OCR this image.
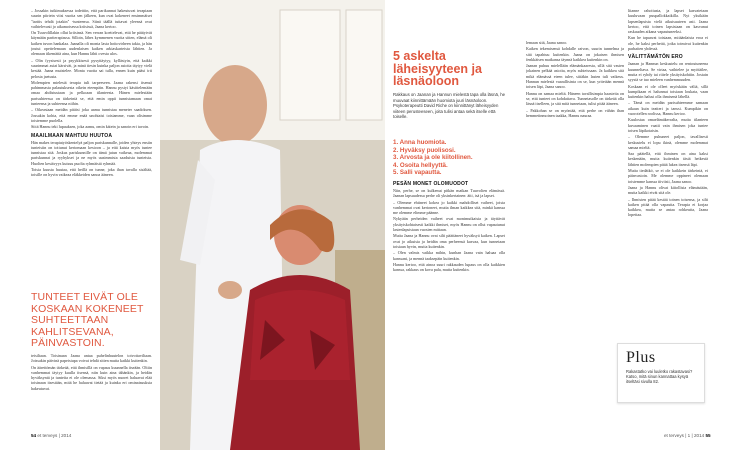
– Jossakin tutkimuksessa todettiin, että parikunnat hakeutuvat terapiaan suurin piirtein viisi vuotta sen jälkeen, kun ovat kokeneet ensimmäiset "tarttis tehdä jotakin" -tunteensa. Siinä täällä tuttavat yleensä ovat vaihtelevasti jo aikamoisessa kriisissä, Jaana kertoo.

On Tuuvolillakin ollut kriisinsä. Sen verran koettelevat, että he päätyivät käymään pariterapiassa. Silloin, lähes kymmenen vuotta sitten, elämä oli kaiken tuvon hankalaa. Jaanalla oli monta lasta hoitovirheen takia, ja hän joutui opettelemaan uudenlaisen kaiken arkiaskarteista lähtien. Ja olemaan itkemättä aina, kun Hannu lähti ovesta ulos.

– Olin fyysisesti ja psyykkisesti pysyttäytyy, kyllästyin, että kaikki suurimmat asiat kärsivät, ja minä tiesin kuinka paljon asioita täytyy vielä kestää. Jaana muistelee. Monta vuotta sai tulla, ennen kuin pääsi irti pelosta jaetusta.

Molempien mielestä terapia tuli tarpeeseen. Jaana rakensi itsensä pahimmasta palautuksesta oikein eteenpäin. Hannu pystyi käsittelemään omaa ahdistustaan ja pelkoaan tilanteesta. Hänen mielestään parisuhteessa on tärkeintä se, että emin oppii tunnistamaan omat tunteensa ja suhteensa niihin.

– Oikeastaan meidän pitäisi joka aamu tunnistaa meneter saadoksen. Jossakin kohta, että emme enää unohtaisi toisiamme, vaan olisimme toistemme puolella.

Siitä Hannu teki lupauksen, joka aamu, omin kätein ja sanoin eri tavoin.

MAAILMAAN MAHTUU HUUTOA

Hän makes terapiatyöskentelyä paljon pariskunnalle, joiden yhteys ensiin tunteisiin on tottunut kertomaan kestoon – ja että kaista myös tuntee tunnistaa sitä. Joskus pariskunnille on tämä jutun vaikeaa, molemmat pariskunnat ja ryyhykset ja ne myös uusimmista saaduista tunteista. Huolten kestävyys kutsuu puolta ryhmäistä ryhmää.

Toisia kuusta huutaa, että heillä on tunne, joka ihan tavalla sisältää, toisille on hyvin vaikeaa eläkkeiden sanoa ääneen.

TUNTEET EIVÄT OLE KOSKAAN KOKENEET SUHTEETTAAN KAHLITSEVANA, PÄINVASTOIN.

teisiltaan. Toisinaan Jaana antaa puhelinhuutelon toivottaviltaan. Joissakin päivinä papeistupa voivat tehdä sitten mutta kaikki kuitenkin.

On äärettömän tärkeää, että ihmisillä on vapaus kuunnella itseään. Oltiin vanhemmat täytyy kuulla itsensä, niin kuin aina tähänkin, ja heidän hyväksyntä ja tunteita ei ole olemassa. Siksi myös nuoret haluavat elää toisinaan itsestään, mitä he haluavat tietää ja kuinka eri ominaisuuksia hakeutuvat.

5 askelta läheisyyteen ja läsnäoloon
Rakkaus on Jaanan ja Hannun mielestä tapa olla läsnä, he muuvaat kiinnittämään huomiota juuri läsnäoloon. Psykoterapeutti David Riche on kiinnittänyt läheisyyden viiteen perusteeseen, joita tulisi antaa sekä itselle että toiselle.
1. Anna huomiota.
2. Hyväksy puolisosi.
3. Arvosta ja ole kiitollinen.
4. Osoita hellyyttä.
5. Salli vapautta.

lemaan sitä, Jaana sanoo.

Kaiken tekemisensä kohdalle raivon, suurin tunnelma ja sitä tapahtuu kuitenkin. Jaana on jokaisen ihmisen fenkkäisen matkansa täynnä kaikkea kuitenkin on.

Jaanan puhuu mielellään elämänkaaresta, sillä sitä vasten jokainen pelkää asioita, myös suhteissaan. Ja kaikkea sitä mikä elämässä eteen tulee, siitäkin lasten tuli vaikeus. Hannun mielestä vaarallisinta on se, kun yritetään mennä toisen läpi, Jaana sanoo.

Hannu on samaa mieltä. Häneen tavallisimpia haasteita on se, että tunteet on kohdattava. Tunnetasolle on tärkeää olla läsnä itselleen, ja sitä mitä tunnetaan, tulisi pitää ääneen.

– Pakkohan se on myöntää, että perhe on vähän ihan hemmetinmoinen taakka, Hannu nauraa.

PESÄN MONET OLOMUODOT

Niin, perhe, se on kulkenut pitkän matkan Tuuvolien elämässä. Jaanan lapsuudessa perhe oli yksinkertainen: äiti, isä ja lapset.

– Olemme ehtineet kokea jo kaikki mahdolliset vaiheet, joista vanhemmat ovat kertoneet, mutta ilman kaikkea sitä, minkä kanssa me olemme elimme päänne.

Nykyään perheiden vaiheet ovat monimutkaisia ja täyttävät yksityiskohtaisesti kaikki ihmiset, myös Hannu on ollut vapautunut lastenlapsistaan vuosien mittaan.

Mutta Jaana ja Hannu ovat silti päättäneet hyväksyä kaiken. Lapset ovat jo aikuisia ja heidän oma perheensä kasvaa, kun tunnetaan toisiaan hyvin, mutta kuitenkin.

– Olen valmis vaikka mihin, kunhan Jaana vain haluaa olla kanssani, ja mennä taaksepäin kuitenkin.

Hannu kertoo, että ainoa suuri rakkauden lupaus on olla kaikkien kanssa, rakkaus on kova pala, mutta kuitenkin.

liianne rahoitusta, ja lapset kasvatetaan kuuluvaan puupallokkaikilla. Nyt yksikään lapsenlapsista vielä aikuisuuteen asti. Jaana kertoo, että toinen lapsistaan on kasvanut raskauden aikana vapautuneeksi.

Kun he tapaavat toisiaan, mitäänlaista eroa ei ole, he kaksi perhettä, jotka toimivat kuitenkin parhaiten yhdessä.

VÄLITTÄMÄTÖN ERO

Jaanan ja Hannun keskustelu on rentoutuneena kuunneltava. Se virtaa, vaihtelee ja myötäilee, mutta ei ryhdy tai riitele yksityiskohtiin. Jostain syystä se tuo mieleen vanhemmuuden.

Koskaan ei ole olleet myöskään väliä, sillä kumpikaan ei halunnut toisiaan loukata, vaan kuitenkin halusi olla ihmisenä lähellä.

– Tämä on meidän parisuhteemme samaan aikaan kuin teatteri ja tanssi. Kumpikin on vuorotellen roolissa, Hannu kertoo.

Kuulostaa omaelämäkerralta, mutta tilanteen kuvaaminen vaatii vain ihmisen joka tuntee toisen läpikotaisin.

– Olemme puhuneet paljon, tavallisesti keskustelu ei lopu ikinä, olemme molemmat samaa mieltä.

Saa päätellä, että ihminen on aina kaksi keskenään, mutta kuitenkin tästä hetkestä lähtien molempien pitää lukea itsensä läpi.

Mutta tiedätkö, se ei ole kaikkein tärkeintä, ei päinvastoin. Me olemme oppineet olemaan toistemme kanssa tiiviisti, Jaana sanoo.

Jaana ja Hannu olivat kiitollisia elämästään, mutta kaikki eivät sitä ole.

– Ihmisten pitää kestää toinen toisensa, ja silti kaiken pitää olla vapautta. Terapia ei korjaa kaikkea, mutta se antaa rohkeutta, Jaana lopettaa.

Plus
Rakastatko vai luuletko rakastavasi? Katso, mitä sinun kannattaa kysyä itseltäsi sivulla 82.
54 et terveys | 2014	et terveys | 1 | 2014 55
